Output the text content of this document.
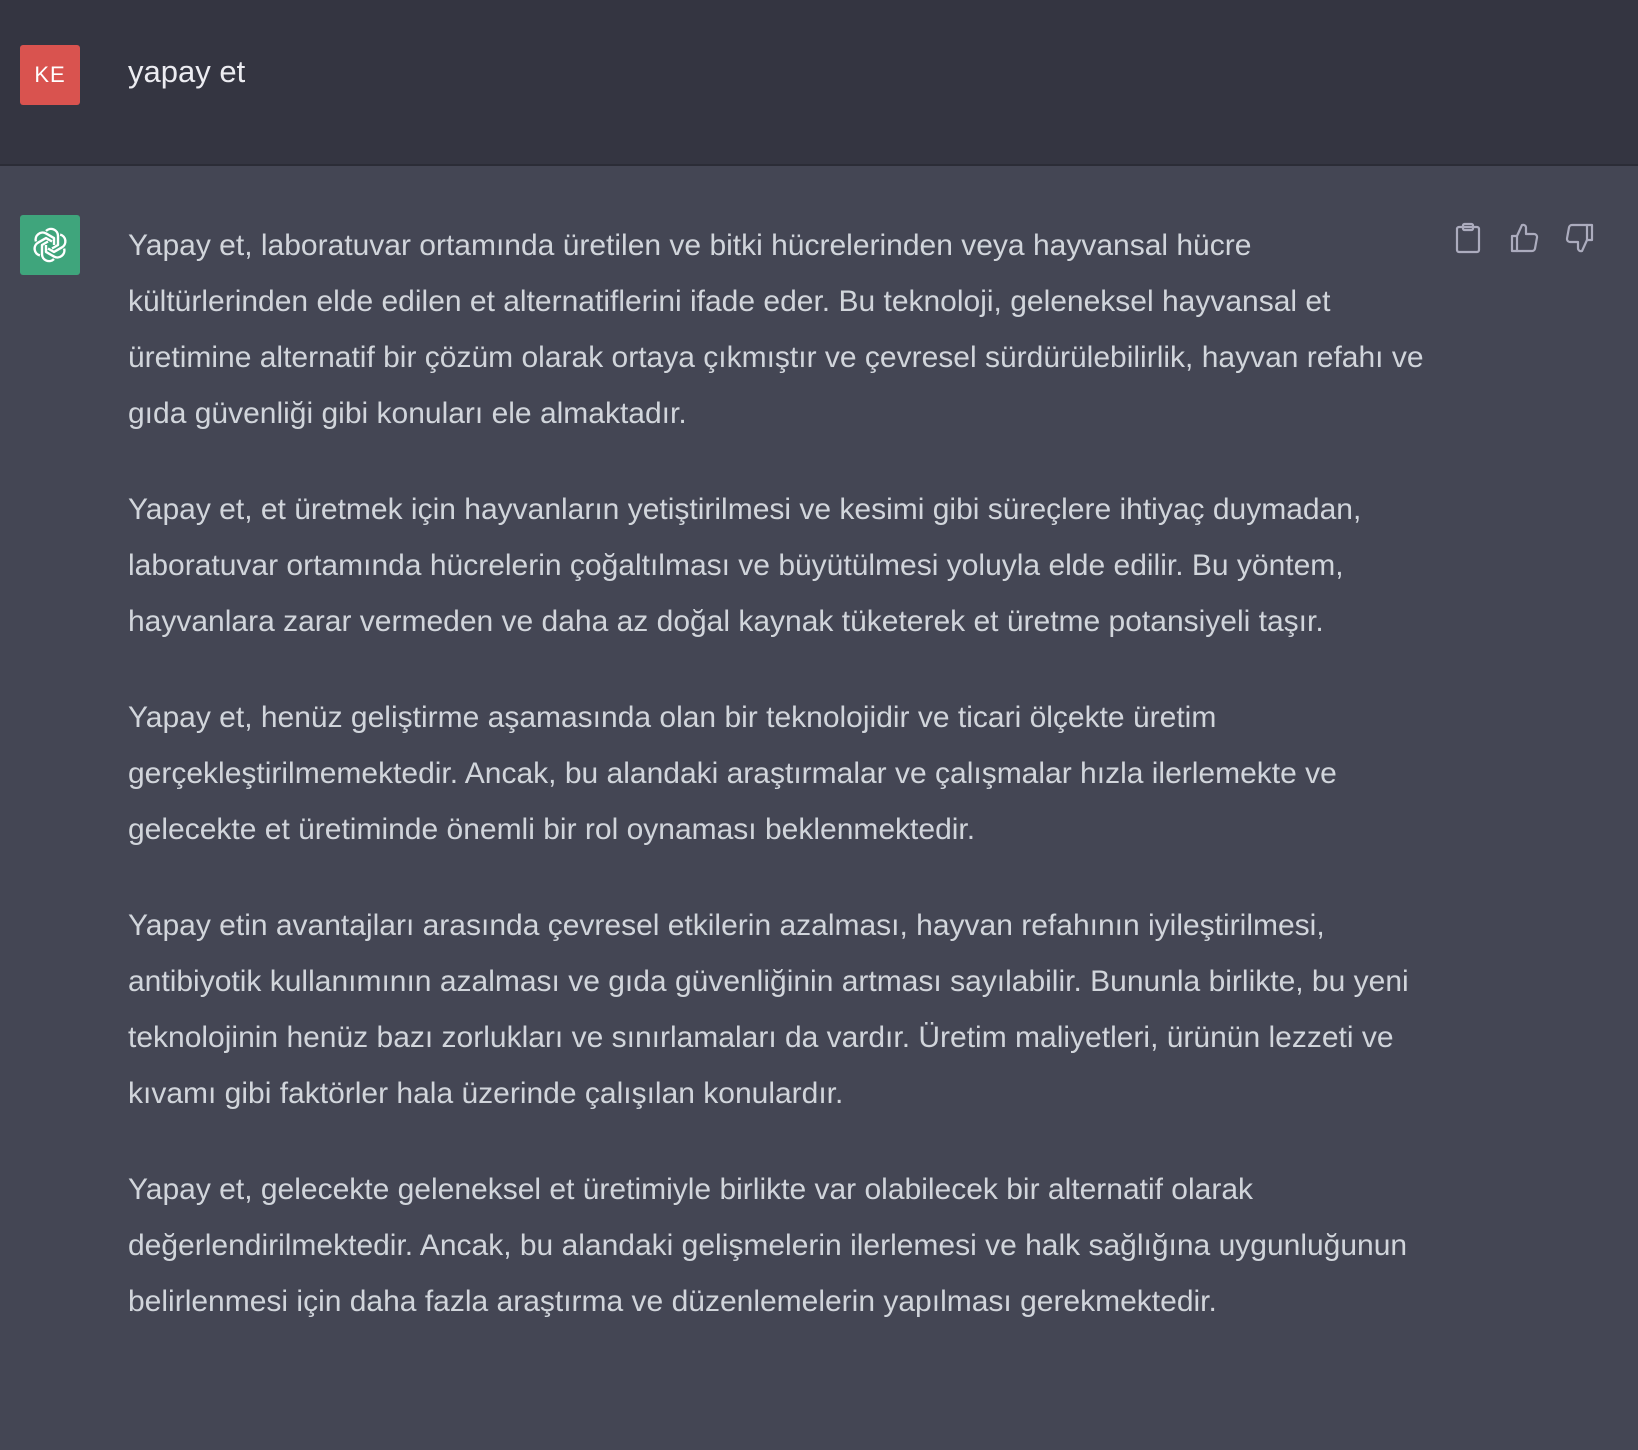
KE	yapay et

Yapay et, laboratuvar ortamında üretilen ve bitki hücrelerinden veya hayvansal hücre kültürlerinden elde edilen et alternatiflerini ifade eder. Bu teknoloji, geleneksel hayvansal et üretimine alternatif bir çözüm olarak ortaya çıkmıştır ve çevresel sürdürülebilirlik, hayvan refahı ve gıda güvenliği gibi konuları ele almaktadır.

Yapay et, et üretmek için hayvanların yetiştirilmesi ve kesimi gibi süreçlere ihtiyaç duymadan, laboratuvar ortamında hücrelerin çoğaltılması ve büyütülmesi yoluyla elde edilir. Bu yöntem, hayvanlara zarar vermeden ve daha az doğal kaynak tüketerek et üretme potansiyeli taşır.

Yapay et, henüz geliştirme aşamasında olan bir teknolojidir ve ticari ölçekte üretim gerçekleştirilmemektedir. Ancak, bu alandaki araştırmalar ve çalışmalar hızla ilerlemekte ve gelecekte et üretiminde önemli bir rol oynaması beklenmektedir.

Yapay etin avantajları arasında çevresel etkilerin azalması, hayvan refahının iyileştirilmesi, antibiyotik kullanımının azalması ve gıda güvenliğinin artması sayılabilir. Bununla birlikte, bu yeni teknolojinin henüz bazı zorlukları ve sınırlamaları da vardır. Üretim maliyetleri, ürünün lezzeti ve kıvamı gibi faktörler hala üzerinde çalışılan konulardır.

Yapay et, gelecekte geleneksel et üretimiyle birlikte var olabilecek bir alternatif olarak değerlendirilmektedir. Ancak, bu alandaki gelişmelerin ilerlemesi ve halk sağlığına uygunluğunun belirlenmesi için daha fazla araştırma ve düzenlemelerin yapılması gerekmektedir.
